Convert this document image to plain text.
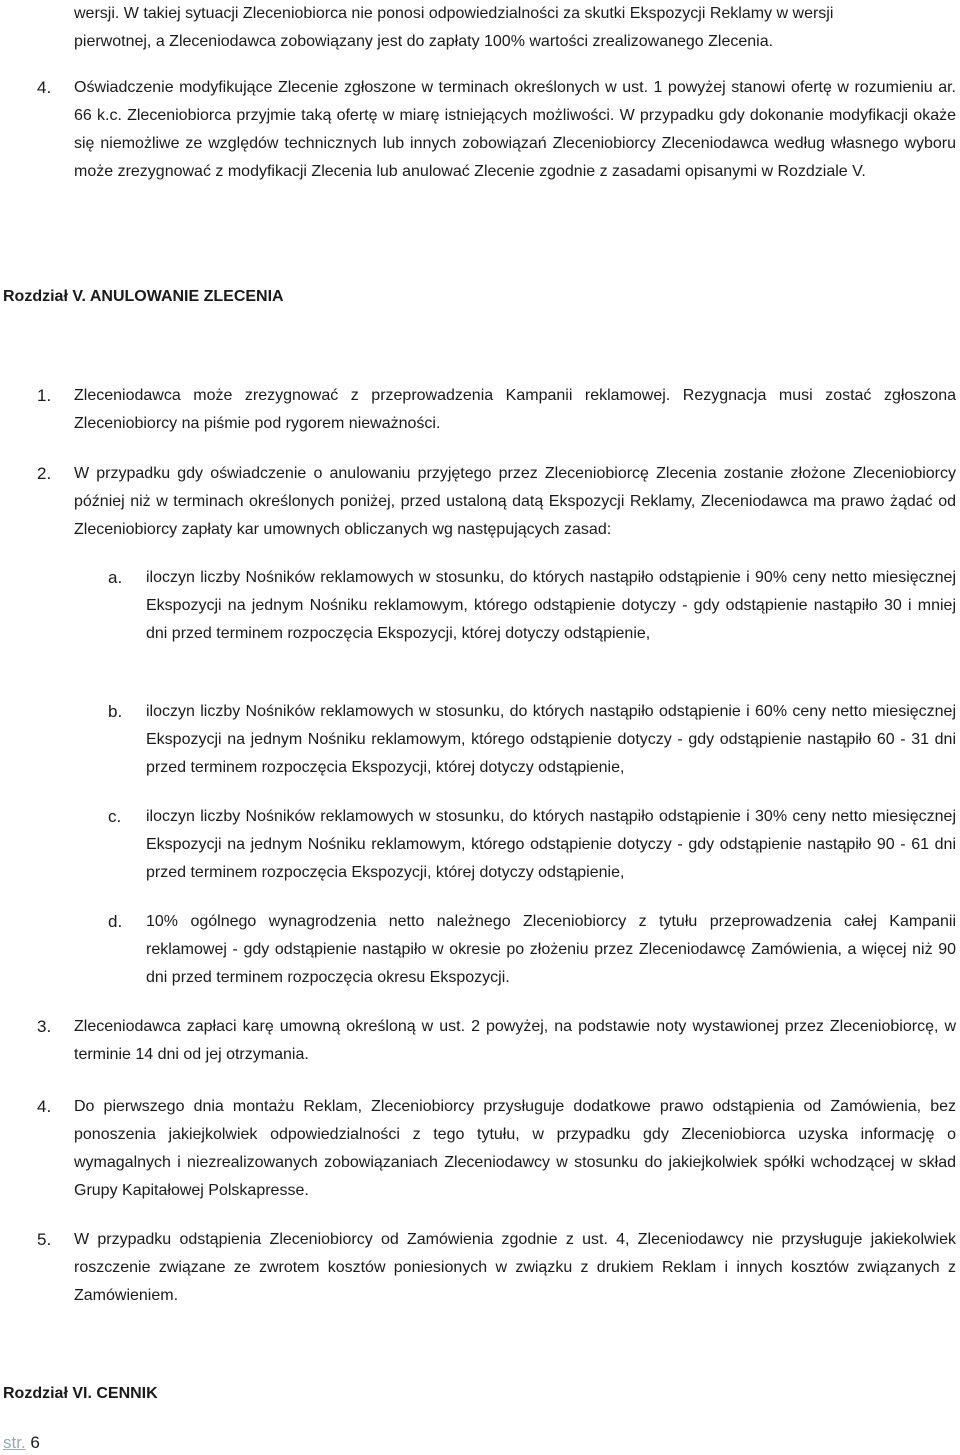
wersji. W takiej sytuacji Zleceniobiorca nie ponosi odpowiedzialności za skutki Ekspozycji Reklamy w wersji
pierwotnej, a Zleceniodawca zobowiązany jest do zapłaty 100% wartości zrealizowanego Zlecenia.
4. Oświadczenie modyfikujące Zlecenie zgłoszone w terminach określonych w ust. 1 powyżej stanowi ofertę w rozumieniu ar. 66 k.c. Zleceniobiorca przyjmie taką ofertę w miarę istniejących możliwości. W przypadku gdy dokonanie modyfikacji okaże się niemożliwe ze względów technicznych lub innych zobowiązań Zleceniobiorcy Zleceniodawca według własnego wyboru może zrezygnować z modyfikacji Zlecenia lub anulować Zlecenie zgodnie z zasadami opisanymi w Rozdziale V.
Rozdział V. ANULOWANIE ZLECENIA
1. Zleceniodawca może zrezygnować z przeprowadzenia Kampanii reklamowej. Rezygnacja musi zostać zgłoszona Zleceniobiorcy na piśmie pod rygorem nieważności.
2. W przypadku gdy oświadczenie o anulowaniu przyjętego przez Zleceniobiorcę Zlecenia zostanie złożone Zleceniobiorcy później niż w terminach określonych poniżej, przed ustaloną datą Ekspozycji Reklamy, Zleceniodawca ma prawo żądać od Zleceniobiorcy zapłaty kar umownych obliczanych wg następujących zasad:
a. iloczyn liczby Nośników reklamowych w stosunku, do których nastąpiło odstąpienie i 90% ceny netto miesięcznej Ekspozycji na jednym Nośniku reklamowym, którego odstąpienie dotyczy - gdy odstąpienie nastąpiło 30 i mniej dni przed terminem rozpoczęcia Ekspozycji, której dotyczy odstąpienie,
b. iloczyn liczby Nośników reklamowych w stosunku, do których nastąpiło odstąpienie i 60% ceny netto miesięcznej Ekspozycji na jednym Nośniku reklamowym, którego odstąpienie dotyczy - gdy odstąpienie nastąpiło 60 - 31 dni przed terminem rozpoczęcia Ekspozycji, której dotyczy odstąpienie,
c. iloczyn liczby Nośników reklamowych w stosunku, do których nastąpiło odstąpienie i 30% ceny netto miesięcznej Ekspozycji na jednym Nośniku reklamowym, którego odstąpienie dotyczy - gdy odstąpienie nastąpiło 90 - 61 dni przed terminem rozpoczęcia Ekspozycji, której dotyczy odstąpienie,
d. 10% ogólnego wynagrodzenia netto należnego Zleceniobiorcy z tytułu przeprowadzenia całej Kampanii reklamowej - gdy odstąpienie nastąpiło w okresie po złożeniu przez Zleceniodawcę Zamówienia, a więcej niż 90 dni przed terminem rozpoczęcia okresu Ekspozycji.
3. Zleceniodawca zapłaci karę umowną określoną w ust. 2 powyżej, na podstawie noty wystawionej przez Zleceniobiorcę, w terminie 14 dni od jej otrzymania.
4. Do pierwszego dnia montażu Reklam, Zleceniobiorcy przysługuje dodatkowe prawo odstąpienia od Zamówienia, bez ponoszenia jakiejkolwiek odpowiedzialności z tego tytułu, w przypadku gdy Zleceniobiorca uzyska informację o wymagalnych i niezrealizowanych zobowiązaniach Zleceniodawcy w stosunku do jakiejkolwiek spółki wchodzącej w skład Grupy Kapitałowej Polskapresse.
5. W przypadku odstąpienia Zleceniobiorcy od Zamówienia zgodnie z ust. 4, Zleceniodawcy nie przysługuje jakiekolwiek roszczenie związane ze zwrotem kosztów poniesionych w związku z drukiem Reklam i innych kosztów związanych z Zamówieniem.
Rozdział VI. CENNIK
str. 6
